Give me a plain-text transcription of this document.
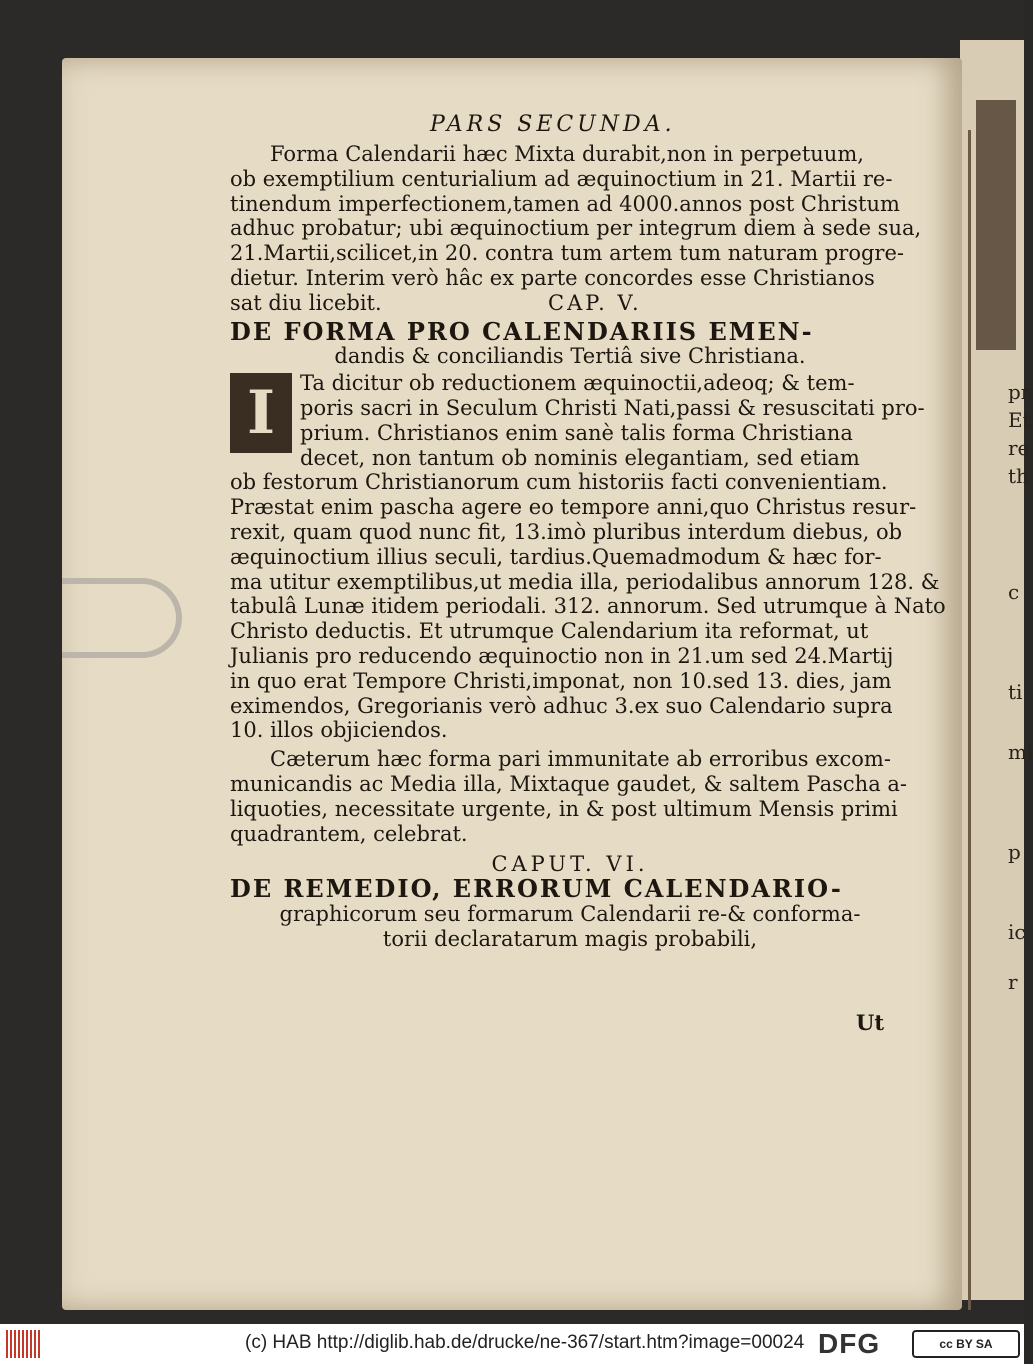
pr
Et
re
th
c
ti
mi
p
ic
r
PARS SECUNDA.
Forma Calendarii hæc Mixta durabit,non in perpetuum,
ob exemptilium centurialium ad æquinoctium in 21. Martii re-
tinendum imperfectionem,tamen ad 4000.annos post Christum
adhuc probatur; ubi æquinoctium per integrum diem à sede sua,
21.Martii,scilicet,in 20. contra tum artem tum naturam progre-
dietur. Interim verò hâc ex parte concordes esse Christianos
sat diu licebit.	CAP. V.
DE FORMA PRO CALENDARIIS EMEN-
dandis & conciliandis Tertiâ sive Christiana.
I	Ta dicitur ob reductionem æquinoctii,adeoq; & tem-
poris sacri in Seculum Christi Nati,passi & resuscitati pro-
prium. Christianos enim sanè talis forma Christiana
decet, non tantum ob nominis elegantiam, sed etiam
ob festorum Christianorum cum historiis facti convenientiam.
Præstat enim pascha agere eo tempore anni,quo Christus resur-
rexit, quam quod nunc fit, 13.imò pluribus interdum diebus, ob
æquinoctium illius seculi, tardius.Quemadmodum & hæc for-
ma utitur exemptilibus,ut media illa, periodalibus annorum 128. &
tabulâ Lunæ itidem periodali. 312. annorum. Sed utrumque à Nato
Christo deductis. Et utrumque Calendarium ita reformat, ut
Julianis pro reducendo æquinoctio non in 21.um sed 24.Martij
in quo erat Tempore Christi,imponat, non 10.sed 13. dies, jam
eximendos, Gregorianis verò adhuc 3.ex suo Calendario supra
10. illos objiciendos.
Cæterum hæc forma pari immunitate ab erroribus excom-
municandis ac Media illa, Mixtaque gaudet, & saltem Pascha a-
liquoties, necessitate urgente, in & post ultimum Mensis primi
quadrantem, celebrat.
CAPUT. VI.
DE REMEDIO, ERRORUM CALENDARIO-
graphicorum seu formarum Calendarii re-& conforma-
torii declaratarum magis probabili,
Ut
(c) HAB http://diglib.hab.de/drucke/ne-367/start.htm?image=00024 DFG	cc BY SA
